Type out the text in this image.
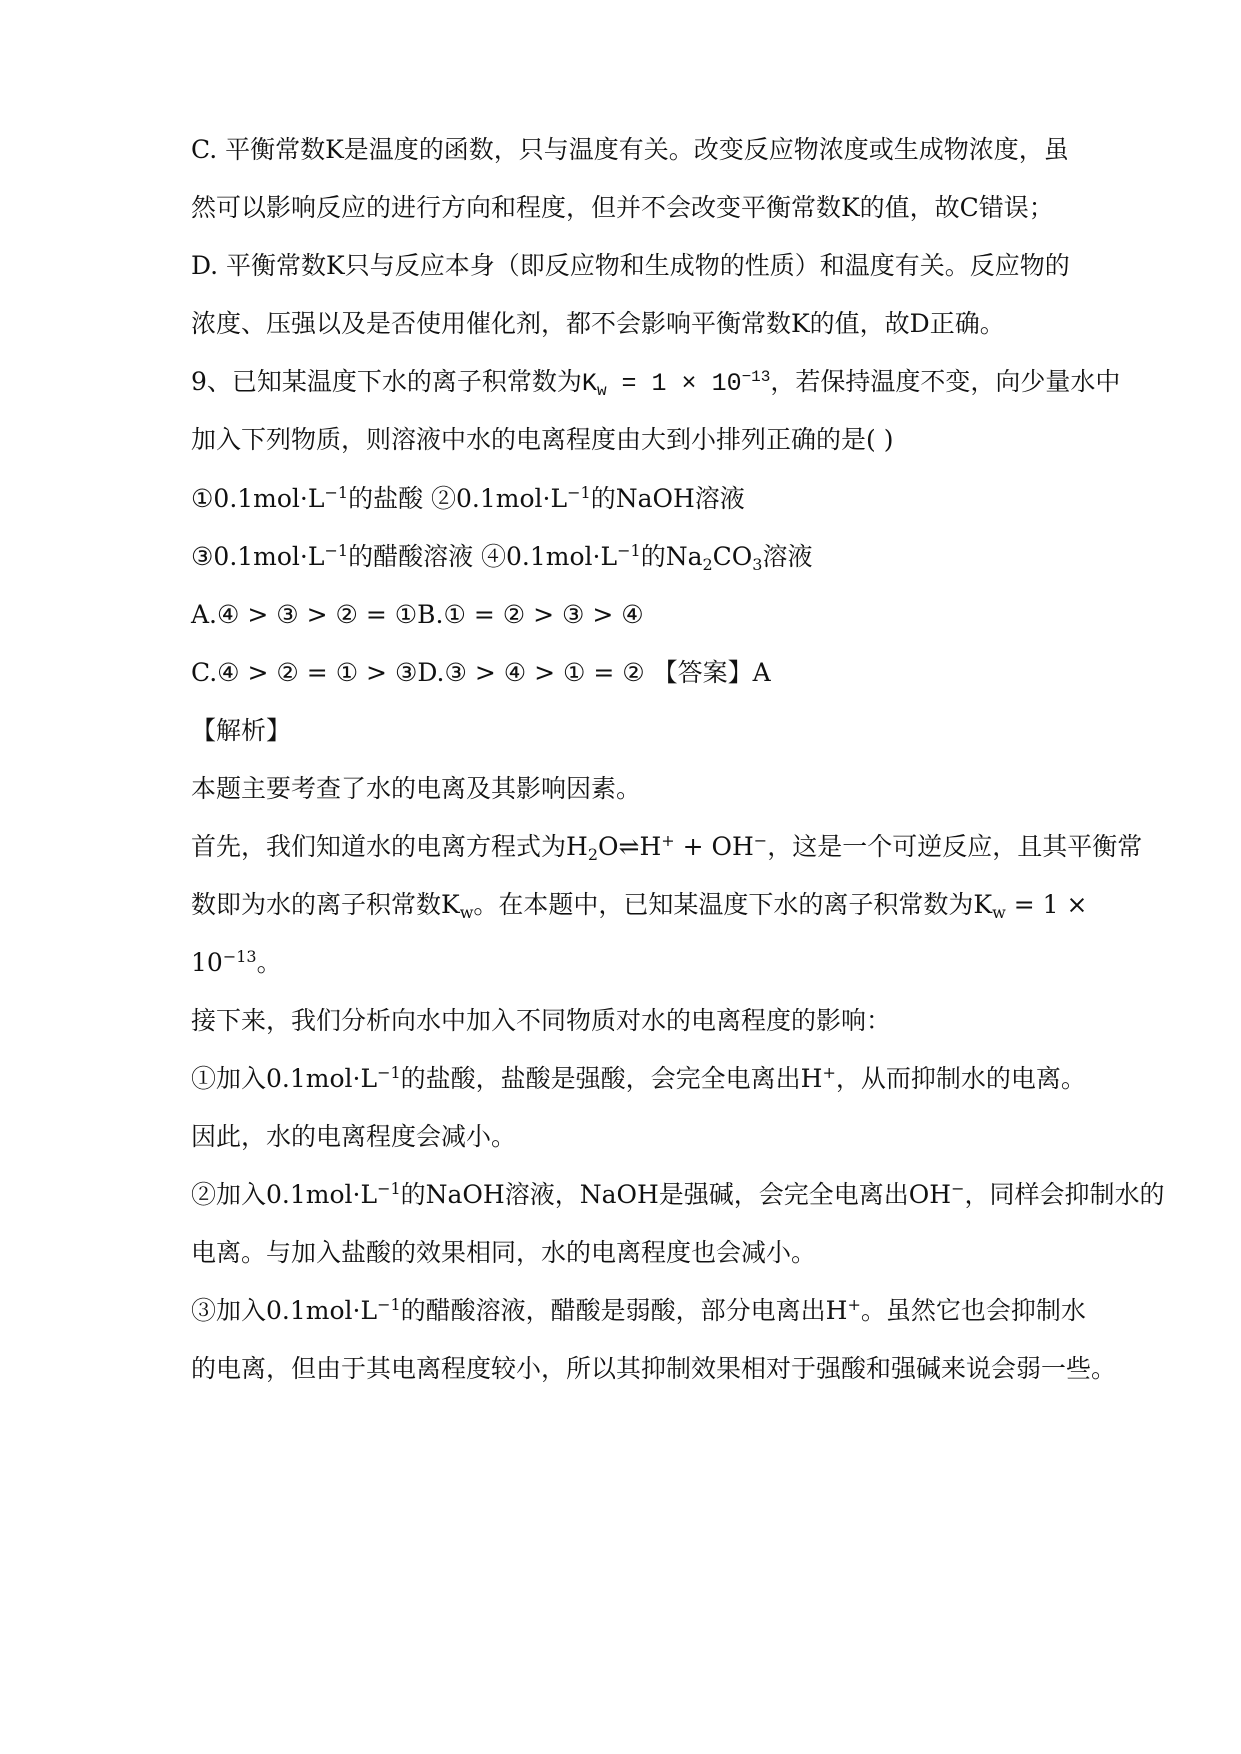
C. 平衡常数K是温度的函数，只与温度有关。改变反应物浓度或生成物浓度，虽
然可以影响反应的进行方向和程度，但并不会改变平衡常数K的值，故C错误；
D. 平衡常数K只与反应本身（即反应物和生成物的性质）和温度有关。反应物的
浓度、压强以及是否使用催化剂，都不会影响平衡常数K的值，故D正确。
9、已知某温度下水的离子积常数为$K_w = 1 \times 10^{-13}$，若保持温度不变，向少量水中
加入下列物质，则溶液中水的电离程度由大到小排列正确的是( )
$①0.1mol\cdot L^{-1}$的盐酸 $②0.1mol\cdot L^{-1}$的NaOH溶液
$③0.1mol\cdot L^{-1}$的醋酸溶液 $④0.1mol\cdot L^{-1}$的$Na_2CO_3$溶液
A.④ > ③ > ② = ①B.① = ② > ③ > ④
C.④ > ② = ① > ③D.③ > ④ > ① = ② 【答案】A
【解析】
本题主要考查了水的电离及其影响因素。
首先，我们知道水的电离方程式为$H_2O\rightleftharpoons H^+ + OH^-$，这是一个可逆反应，且其平衡常
数即为水的离子积常数$K_w$。在本题中，已知某温度下水的离子积常数为$K_w = 1$ ×
$10^{-13}$。
接下来，我们分析向水中加入不同物质对水的电离程度的影响：
①加入$0.1mol\cdot L^{-1}$的盐酸，盐酸是强酸，会完全电离出H+，从而抑制水的电离。
因此，水的电离程度会减小。
②加入$0.1mol\cdot L^{-1}$的NaOH溶液，NaOH是强碱，会完全电离出OH−，同样会抑制水的
电离。与加入盐酸的效果相同，水的电离程度也会减小。
③加入$0.1mol\cdot L^{-1}$的醋酸溶液，醋酸是弱酸，部分电离出H+。虽然它也会抑制水
的电离，但由于其电离程度较小，所以其抑制效果相对于强酸和强碱来说会弱一些。
